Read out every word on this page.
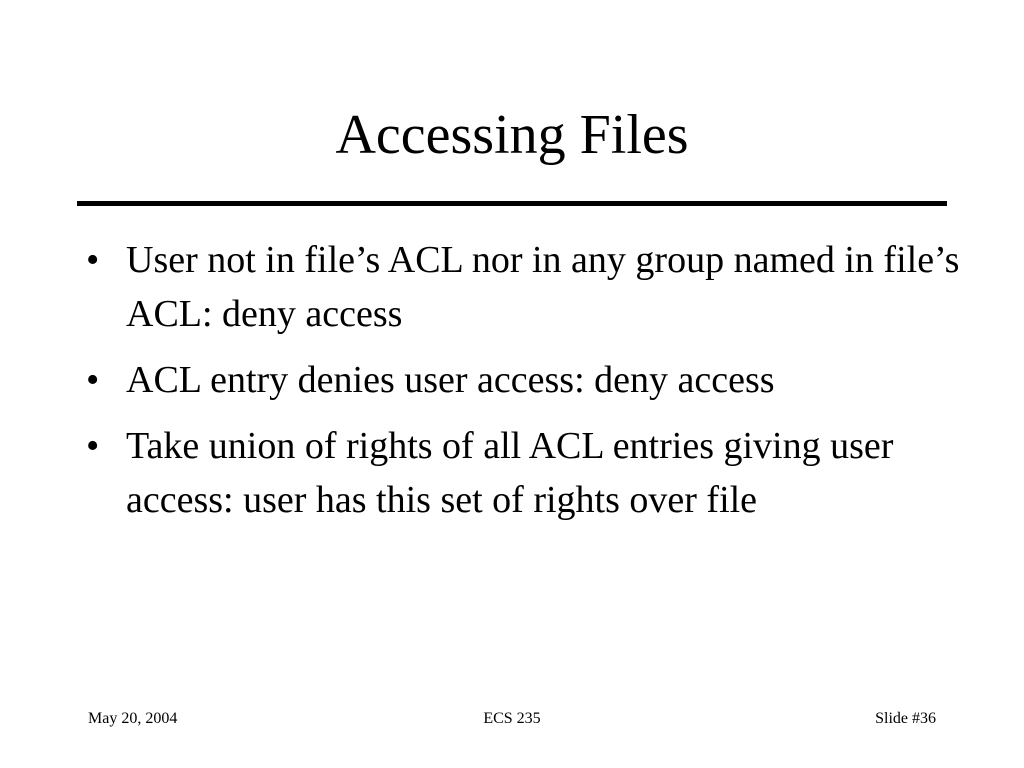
Accessing Files
• User not in file’s ACL nor in any group named in file’s ACL: deny access
• ACL entry denies user access: deny access
• Take union of rights of all ACL entries giving user access: user has this set of rights over file
May 20, 2004	ECS 235	Slide #36
